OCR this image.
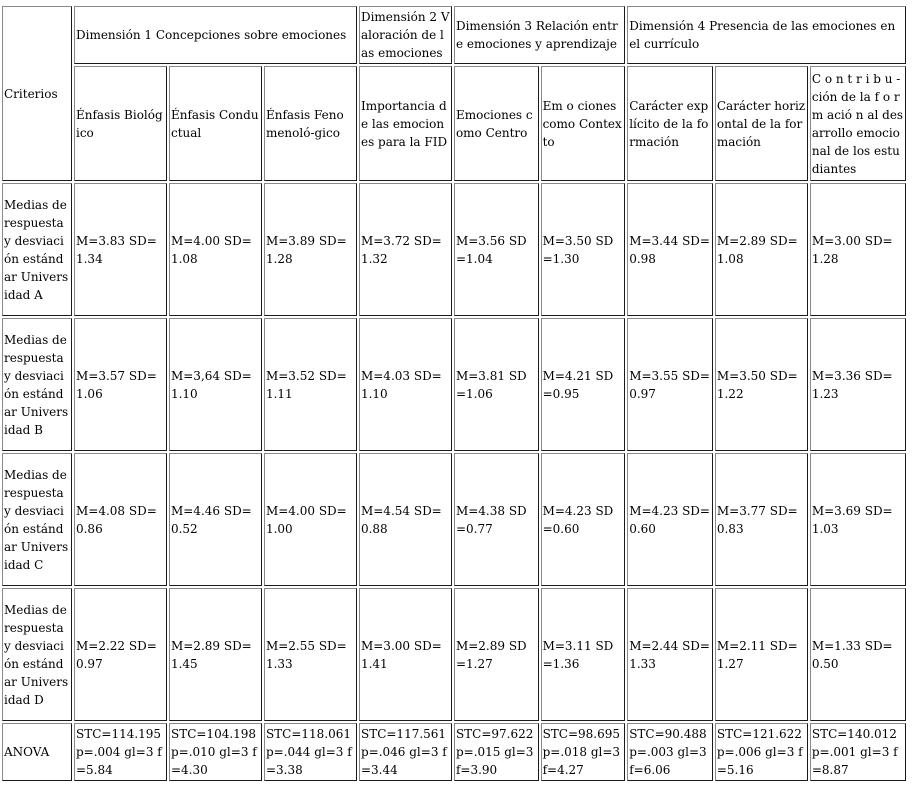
Criterios	Dimensión 1 Concepciones sobre emociones			Dimensión 2 Valoración de las emociones	Dimensión 3 Relación entre emociones y aprendizaje		Dimensión 4 Presencia de las emociones en el currículo		
	Énfasis Biológico	Énfasis Conductual	Énfasis Fenomenoló-gico	Importancia de las emociones para la FID	Emociones como Centro	Em o ciones como Contexto	Carácter explícito de la formación	Carácter horizontal de la formación	C o n t r i b u - ción de la f o r m ació n al desarrollo emocional de los estudiantes
Medias de respuesta y desviación estándar Universidad A	M=3.83 SD=1.34	M=4.00 SD=1.08	M=3.89 SD=1.28	M=3.72 SD=1.32	M=3.56 SD=1.04	M=3.50 SD=1.30	M=3.44 SD=0.98	M=2.89 SD=1.08	M=3.00 SD=1.28
Medias de respuesta y desviación estándar Universidad B	M=3.57 SD=1.06	M=3,64 SD=1.10	M=3.52 SD=1.11	M=4.03 SD=1.10	M=3.81 SD=1.06	M=4.21 SD=0.95	M=3.55 SD=0.97	M=3.50 SD=1.22	M=3.36 SD=1.23
Medias de respuesta y desviación estándar Universidad C	M=4.08 SD=0.86	M=4.46 SD=0.52	M=4.00 SD=1.00	M=4.54 SD=0.88	M=4.38 SD=0.77	M=4.23 SD=0.60	M=4.23 SD=0.60	M=3.77 SD=0.83	M=3.69 SD=1.03
Medias de respuesta y desviación estándar Universidad D	M=2.22 SD=0.97	M=2.89 SD=1.45	M=2.55 SD=1.33	M=3.00 SD=1.41	M=2.89 SD=1.27	M=3.11 SD=1.36	M=2.44 SD=1.33	M=2.11 SD=1.27	M=1.33 SD=0.50
ANOVA	STC=114.195 p=.004 gl=3 f=5.84	STC=104.198 p=.010 gl=3 f=4.30	STC=118.061 p=.044 gl=3 f=3.38	STC=117.561 p=.046 gl=3 f=3.44	STC=97.622 p=.015 gl=3 f=3.90	STC=98.695 p=.018 gl=3 f=4.27	STC=90.488 p=.003 gl=3 f=6.06	STC=121.622 p=.006 gl=3 f=5.16	STC=140.012 p=.001 gl=3 f=8.87
